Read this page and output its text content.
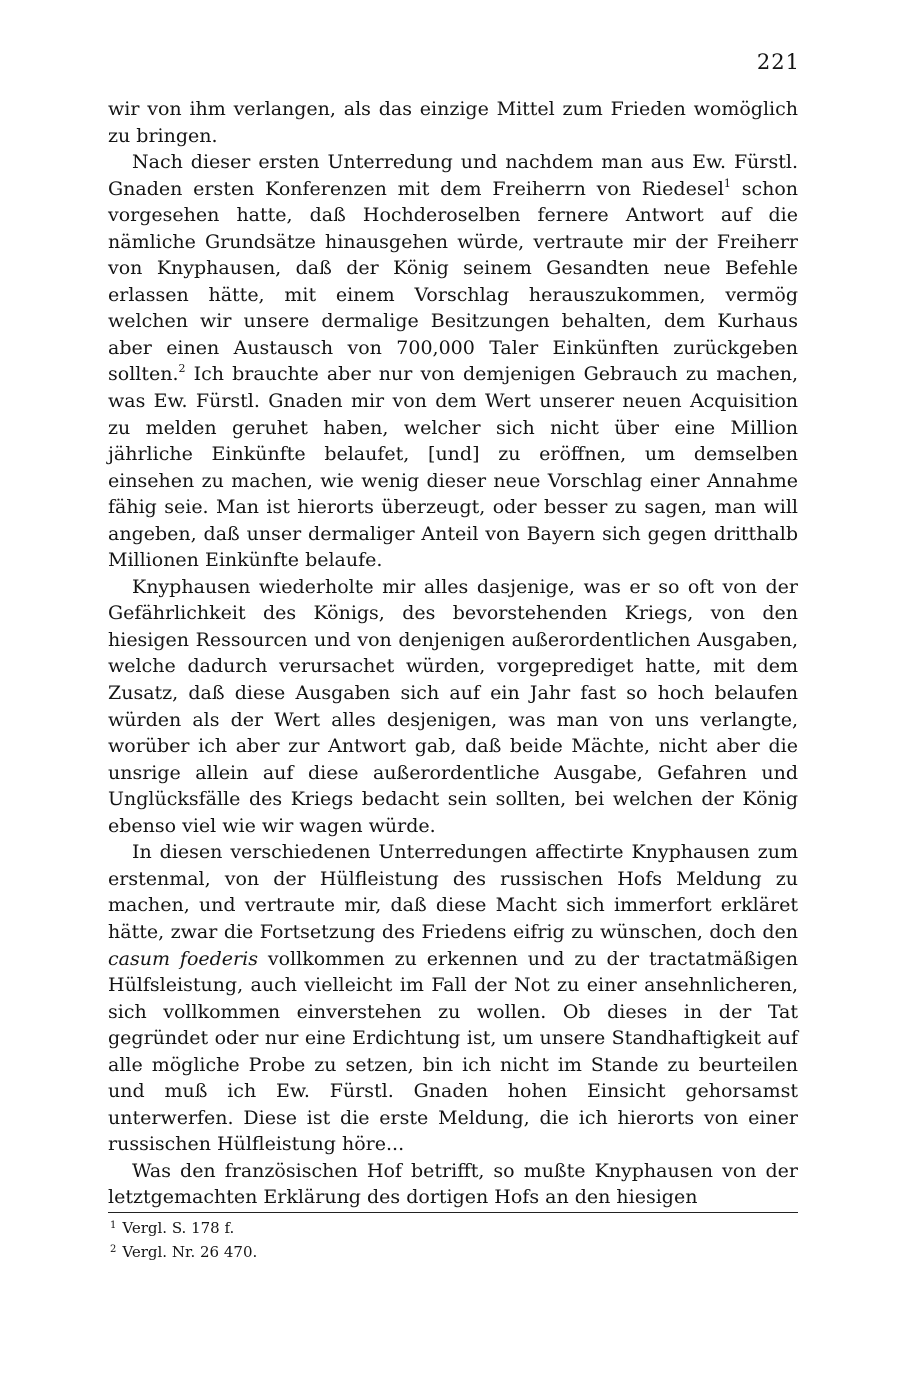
221

wir von ihm verlangen, als das einzige Mittel zum Frieden womöglich zu bringen.

Nach dieser ersten Unterredung und nachdem man aus Ew. Fürstl. Gnaden ersten Konferenzen mit dem Freiherrn von Riedesel$^1$ schon vorgesehen hatte, daß Hochderoselben fernere Antwort auf die nämliche Grundsätze hinausgehen würde, vertraute mir der Freiherr von Knyphausen, daß der König seinem Gesandten neue Befehle erlassen hätte, mit einem Vorschlag herauszukommen, vermög welchen wir unsere dermalige Besitzungen behalten, dem Kurhaus aber einen Austausch von 700,000 Taler Einkünften zurückgeben sollten.$^2$ Ich brauchte aber nur von demjenigen Gebrauch zu machen, was Ew. Fürstl. Gnaden mir von dem Wert unserer neuen Acquisition zu melden geruhet haben, welcher sich nicht über eine Million jährliche Einkünfte belaufet, [und] zu eröffnen, um demselben einsehen zu machen, wie wenig dieser neue Vorschlag einer Annahme fähig seie. Man ist hierorts überzeugt, oder besser zu sagen, man will angeben, daß unser dermaliger Anteil von Bayern sich gegen dritthalb Millionen Einkünfte belaufe.

Knyphausen wiederholte mir alles dasjenige, was er so oft von der Gefährlichkeit des Königs, des bevorstehenden Kriegs, von den hiesigen Ressourcen und von denjenigen außerordentlichen Ausgaben, welche dadurch verursachet würden, vorgeprediget hatte, mit dem Zusatz, daß diese Ausgaben sich auf ein Jahr fast so hoch belaufen würden als der Wert alles desjenigen, was man von uns verlangte, worüber ich aber zur Antwort gab, daß beide Mächte, nicht aber die unsrige allein auf diese außerordentliche Ausgabe, Gefahren und Unglücksfälle des Kriegs bedacht sein sollten, bei welchen der König ebenso viel wie wir wagen würde.

In diesen verschiedenen Unterredungen affectirte Knyphausen zum erstenmal, von der Hülfleistung des russischen Hofs Meldung zu machen, und vertraute mir, daß diese Macht sich immerfort erkläret hätte, zwar die Fortsetzung des Friedens eifrig zu wünschen, doch den casum foederis vollkommen zu erkennen und zu der tractatmäßigen Hülfsleistung, auch vielleicht im Fall der Not zu einer ansehnlicheren, sich vollkommen einverstehen zu wollen. Ob dieses in der Tat gegründet oder nur eine Erdichtung ist, um unsere Standhaftigkeit auf alle mögliche Probe zu setzen, bin ich nicht im Stande zu beurteilen und muß ich Ew. Fürstl. Gnaden hohen Einsicht gehorsamst unterwerfen. Diese ist die erste Meldung, die ich hierorts von einer russischen Hülfleistung höre...

Was den französischen Hof betrifft, so mußte Knyphausen von der letztgemachten Erklärung des dortigen Hofs an den hiesigen

$^1$ Vergl. S. 178 f.
$^2$ Vergl. Nr. 26 470.
